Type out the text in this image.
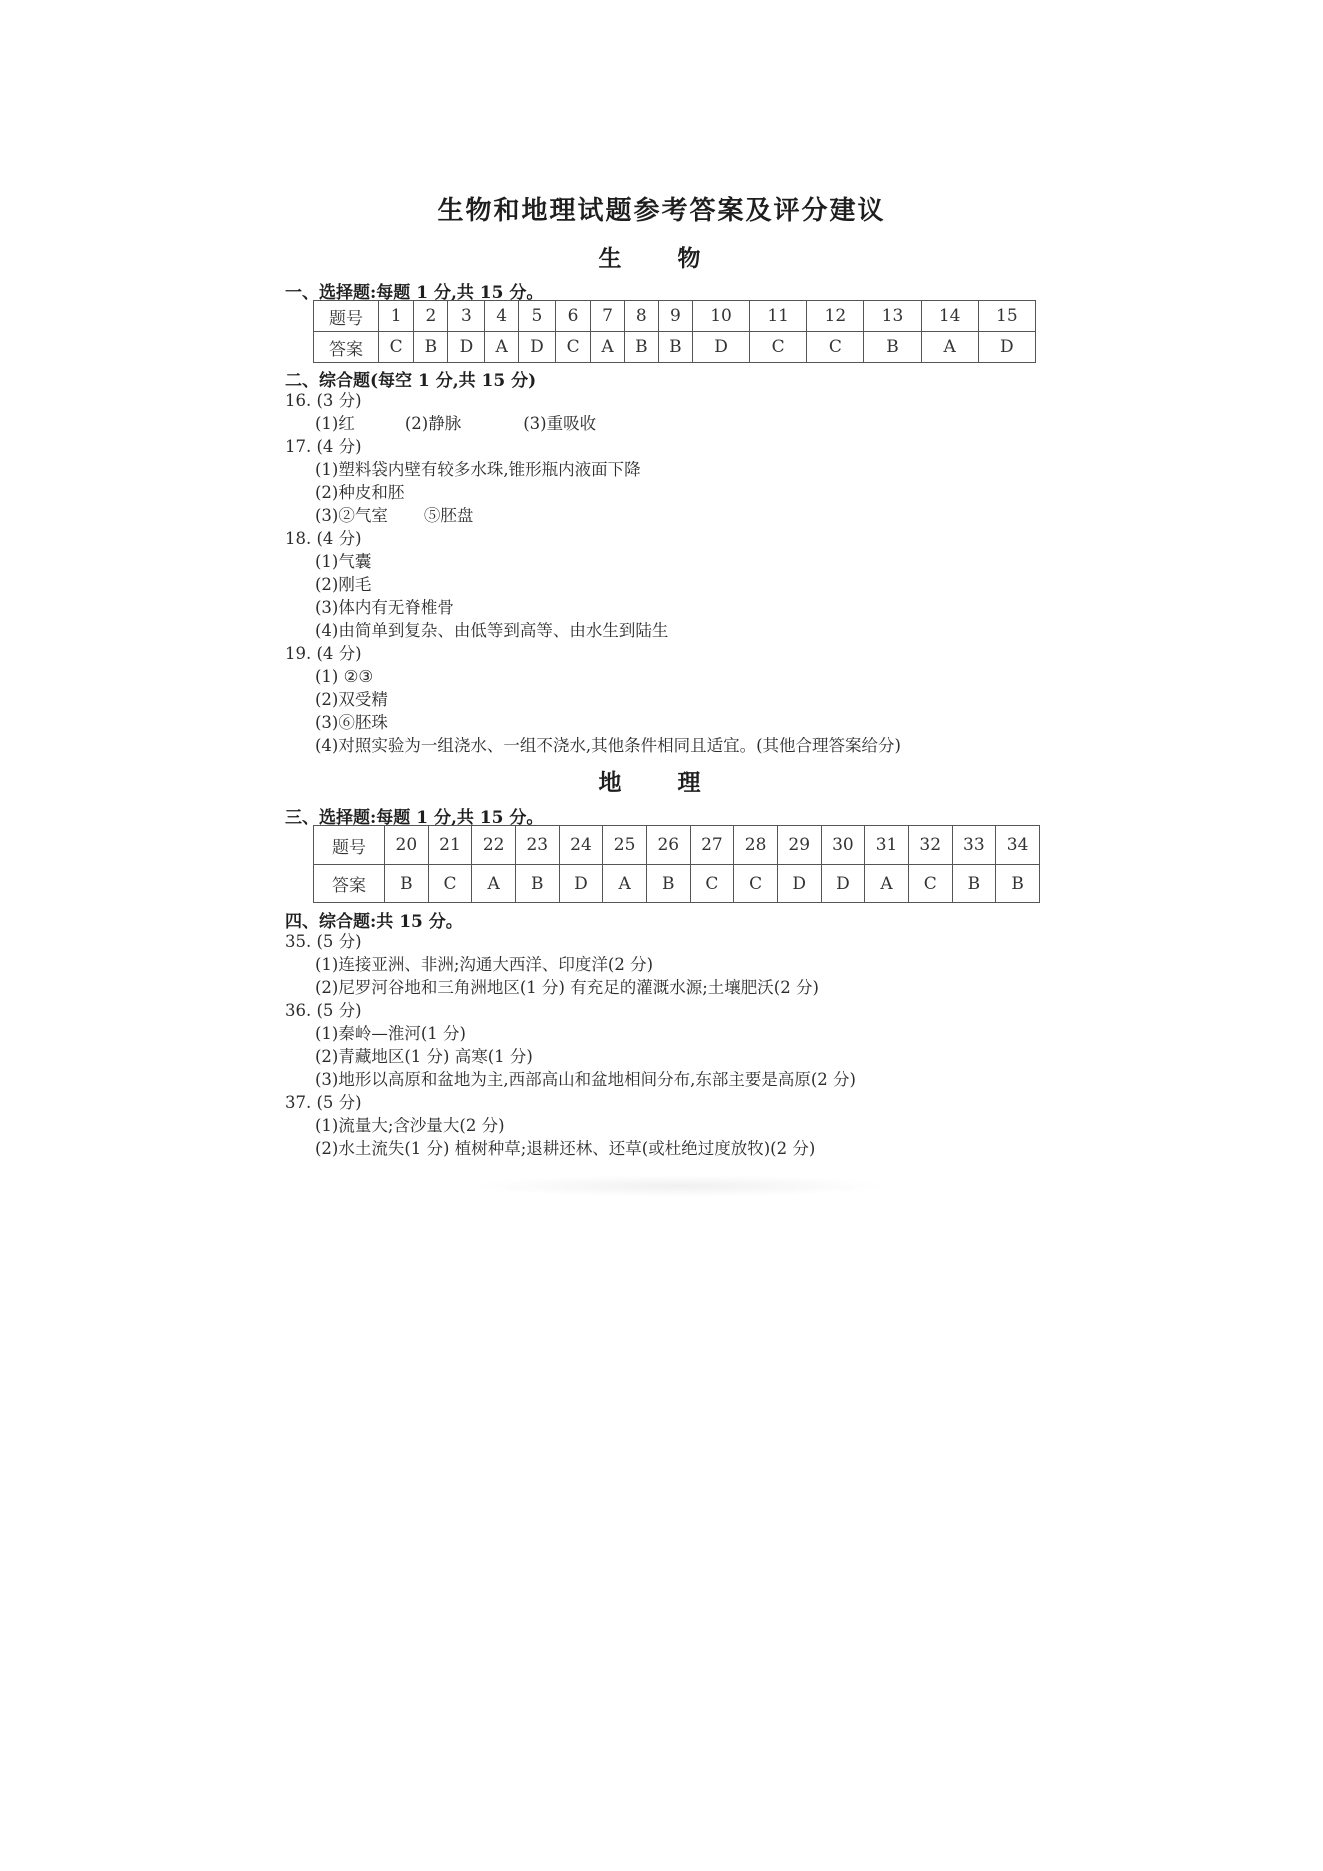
生物和地理试题参考答案及评分建议
生 物
一、选择题:每题 1 分,共 15 分。
题号	1	2	3	4	5	6	7	8	9	10	11	12	13	14	15
答案	C	B	D	A	D	C	A	B	B	D	C	C	B	A	D
二、综合题(每空 1 分,共 15 分)
16. (3 分)
(1)红	(2)静脉	(3)重吸收
17. (4 分)
(1)塑料袋内壁有较多水珠,锥形瓶内液面下降
(2)种皮和胚
(3)②气室 ⑤胚盘
18. (4 分)
(1)气囊
(2)刚毛
(3)体内有无脊椎骨
(4)由简单到复杂、由低等到高等、由水生到陆生
19. (4 分)
(1) ②③
(2)双受精
(3)⑥胚珠
(4)对照实验为一组浇水、一组不浇水,其他条件相同且适宜。(其他合理答案给分)
地 理
三、选择题:每题 1 分,共 15 分。
题号	20	21	22	23	24	25	26	27	28	29	30	31	32	33	34
答案	B	C	A	B	D	A	B	C	C	D	D	A	C	B	B
四、综合题:共 15 分。
35. (5 分)
(1)连接亚洲、非洲;沟通大西洋、印度洋(2 分)
(2)尼罗河谷地和三角洲地区(1 分) 有充足的灌溉水源;土壤肥沃(2 分)
36. (5 分)
(1)秦岭—淮河(1 分)
(2)青藏地区(1 分) 高寒(1 分)
(3)地形以高原和盆地为主,西部高山和盆地相间分布,东部主要是高原(2 分)
37. (5 分)
(1)流量大;含沙量大(2 分)
(2)水土流失(1 分) 植树种草;退耕还林、还草(或杜绝过度放牧)(2 分)
